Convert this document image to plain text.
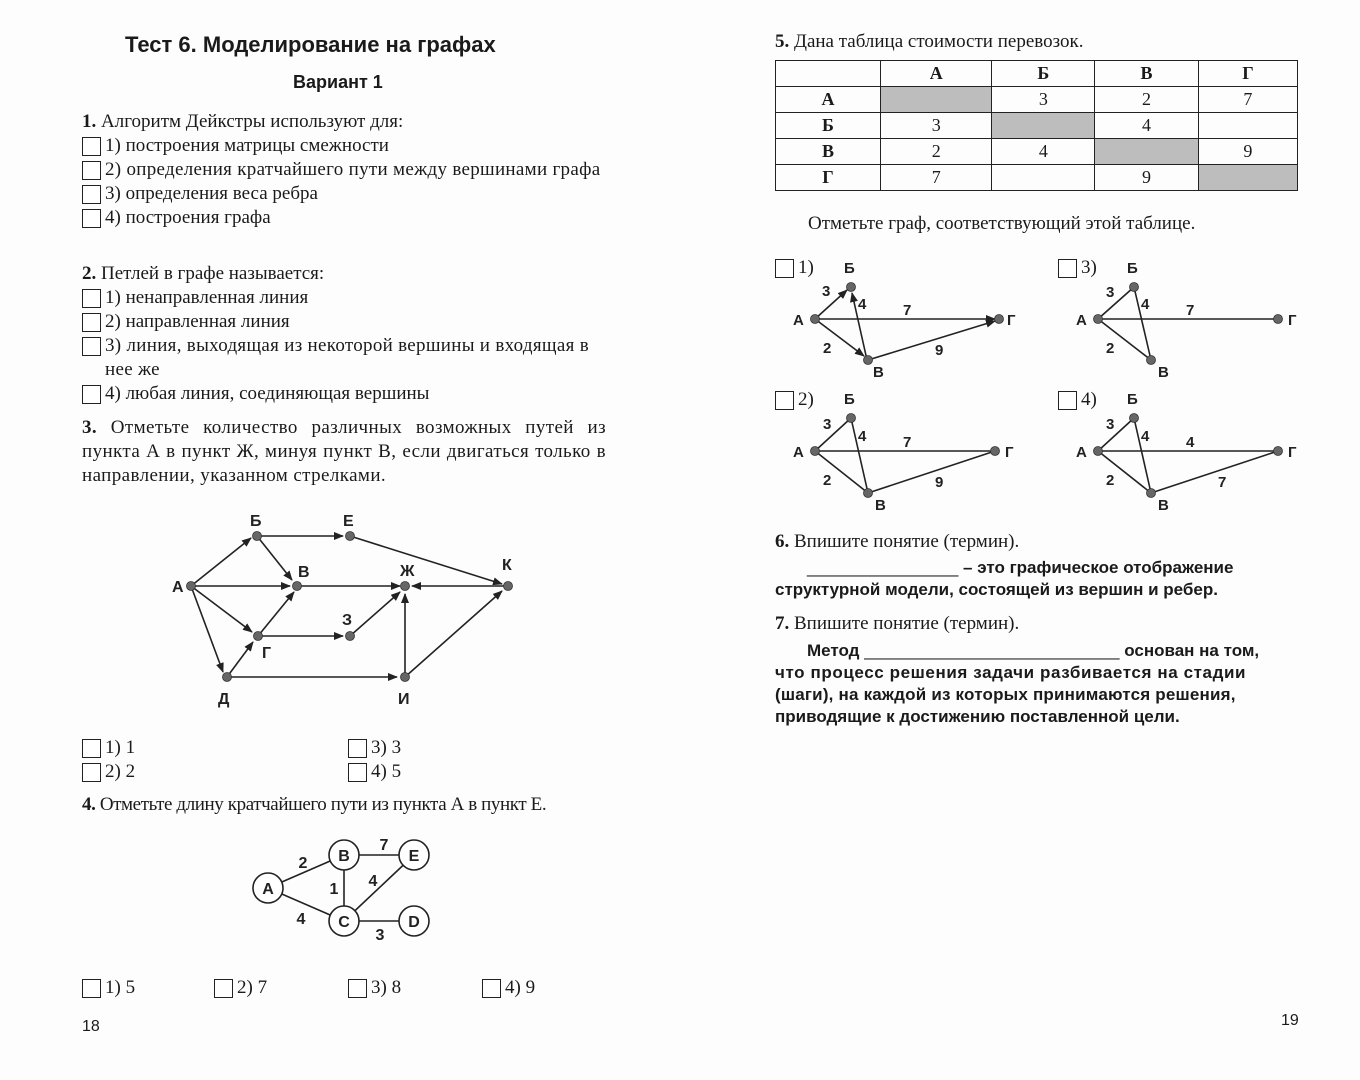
Тест 6. Моделирование на графах
Вариант 1
1. Алгоритм Дейкстры используют для:
1) построения матрицы смежности
2) определения кратчайшего пути между вершинами графа
3) определения веса ребра
4) построения графа
2. Петлей в графе называется:
1) ненаправленная линия
2) направленная линия
3) линия, выходящая из некоторой вершины и входящая в нее же
4) любая линия, соединяющая вершины
3. Отметьте количество различных возможных путей из пункта А в пункт Ж, минуя пункт В, если двигаться только в направлении, указанном стрелками.
А
Б
В
Г
Д
Е
Ж
З
И
К
1) 1
2) 2
3) 3
4) 5
4. Отметьте длину кратчайшего пути из пункта А в пункт Е.
A
B
C	D
E
2
4
1
7
4
3
1) 5	2) 7	3) 8	4) 9
18
5. Дана таблица стоимости перевозок.
	А	Б	В	Г
А		3	2	7
Б	3		4	
В	2	4		9
Г	7		9	
Отметьте граф, соответствующий этой таблице.
1)
А
Б
В
Г
3
4 7
2	9
3)
А
Б
В
Г
3
4 7
2
2)
А
Б
В
Г
3
4 7
2	9
4)
А
Б
В
Г
3
4 4
2	7
6. Впишите понятие (термин).
________________ – это графическое отображение
структурной модели, состоящей из вершин и ребер.
7. Впишите понятие (термин).
Метод ___________________________ основан на том,
что процесс решения задачи разбивается на стадии
(шаги), на каждой из которых принимаются решения,
приводящие к достижению поставленной цели.
19
